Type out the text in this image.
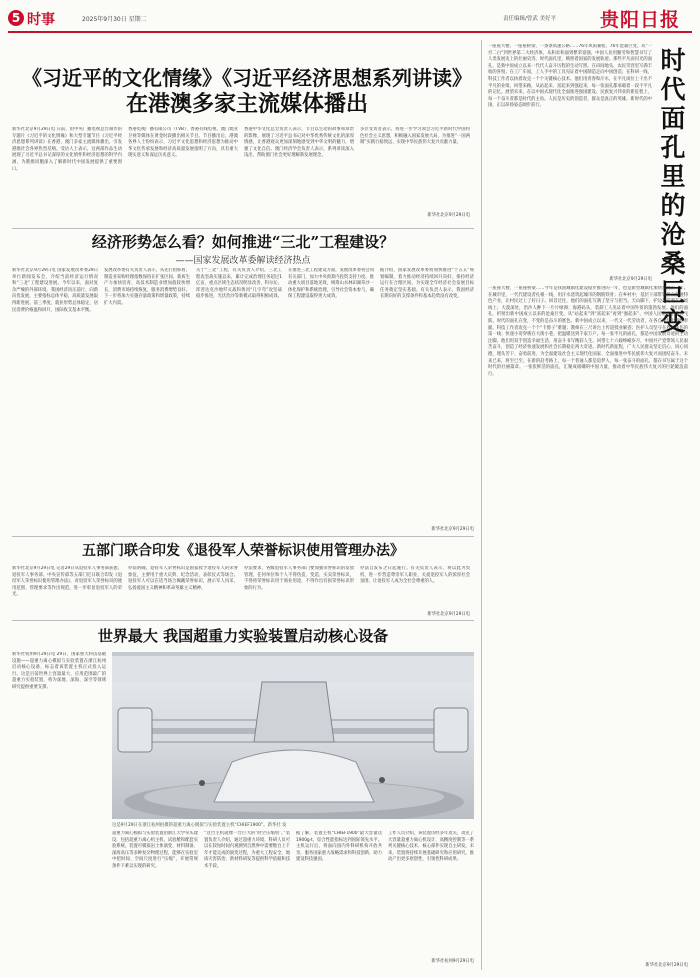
5 时事	2025年9月30日 星期二	责任编辑/曾武 美好平 贵阳日报
《习近平的文化情缘》《习近平经济思想系列讲读》
在港澳多家主流媒体播出
新华社北京9月29日电 日前，由中央广播电视总台制作的专题片《习近平的文化情缘》和大型专题节目《习近平经济思想系列讲读》在香港、澳门多家主流媒体播出，引发港澳社会各界热烈反响。受访人士表示，这两部作品生动展现了习近平总书记深厚的文化情怀和经济思想的科学内涵，为港澳同胞深入了解新时代中国发展提供了重要窗口。
香港电视广播有限公司（TVB）、香港有线电视、澳门澳亚卫视等媒体在黄金时段播出相关节目。节目播出后，港澳各界人士纷纷表示，习近平文化思想和经济思想为推动中华文化传承发展和经济高质量发展指明了方向，具有重大现实意义和深远历史意义。
香港中华文化总会负责人表示，节目以生动的故事和珍贵的影像，展现了习近平总书记对中华优秀传统文化的深厚情感，让香港观众更加深刻地感受到中华文明的魅力，增强了文化自信。澳门经济学会负责人表示，系列讲读深入浅出，帮助澳门社会更好理解新发展理念。
多位受访者表示，将进一步学习领会习近平新时代中国特色社会主义思想，积极融入国家发展大局，为推进“一国两制”实践行稳致远、实现中华民族伟大复兴贡献力量。
新华社北京9月29日电
经济形势怎么看？如何推进“三北”工程建设？
——国家发展改革委解读经济热点
新华社北京9月29日电 国家发展改革委29日举行新闻发布会，介绍当前经济运行情况和“三北”工程建设进展。今年以来，面对复杂严峻的外部环境，我国经济顶压前行、向新向优发展，主要指标总体平稳，高质量发展取得新进展。前三季度，就业形势总体稳定，居民消费价格温和回升，国际收支基本平衡。
发展改革委有关负责人表示，从先行指标看，制造业采购经理指数保持在扩张区间，新质生产力加快培育，高技术制造业增加值较快增长，消费市场持续恢复，服务消费增势良好。下一步将加力实施存量政策和增量政策，持续扩大内需。
关于“三北”工程，有关负责人介绍，三北工程攻坚战实施以来，累计完成治理任务超过1亿亩，重点区域生态状况明显改善，科尔沁、浑善达克沙地歼灭战和黄河“几字弯”攻坚战稳步推进，光伏治沙等新模式取得积极成效。
在推进三北工程建设方面，发展改革委将会同有关部门，加大中央预算内投资支持力度，推动重大项目落地见效，统筹山水林田湖草沙一体化保护和系统治理，引导社会资本参与，确保工程建设取得更大成效。
据介绍，国家发展改革委将加快推进“十五五”规划编制，着力推动经济持续回升向好，保持经济运行在合理区间，为实现全年经济社会发展目标任务奠定坚实基础。有关负责人表示，我国经济长期向好的支撑条件和基本趋势没有改变。
新华社北京9月29日电
五部门联合印发《退役军人荣誉标识使用管理办法》
新华社北京9月29日电 记者29日从退役军人事务部获悉，退役军人事务部、中央宣传部等五部门近日联合印发《退役军人荣誉标识使用管理办法》，对退役军人荣誉标识的使用范围、管理要求等作出规范，进一步彰显退役军人的荣光。
办法明确，退役军人荣誉标识是国家授予退役军人的荣誉象征，主要用于重大庆典、纪念活动、表彰仪式等场合。退役军人可以在适当场合佩戴荣誉标识，展示军人风采，弘扬爱国主义精神和革命英雄主义精神。
办法要求，各级退役军人事务部门要加强荣誉标识的发放管理，任何单位和个人不得伪造、变造、买卖荣誉标识，不得将荣誉标识用于商业用途，不得作出有损荣誉标识形象的行为。
办法自发布之日起施行。有关负责人表示，将以此为契机，进一步营造尊崇军人职业、关爱退役军人的浓厚社会氛围，让退役军人成为全社会尊重的人。
新华社北京9月29日电
世界最大 我国超重力实验装置启动核心设备
新华社杭州9月29日电 29日，国家重大科技基础设施——超重力离心模拟与实验装置在浙江杭州启动核心设备，标志着该装置主机正式投入运行。这是目前世界上容量最大、应用范围最广的超重力实验装置，将为深地、深海、深空等领域研究提供重要支撑。
这是9月29日在浙江杭州拍摄的超重力离心模拟与实验装置主机“CHIEF1900”。新华社 发
超重力离心模拟与实验装置由浙江大学牵头建设，包括超重力离心机主机、试验舱和配套实验系统。装置可模拟岩土体演变、材料制备、深海高压等多种复杂物理过程，能够在实验室中把时间、空间尺度进行“压缩”，开展常规条件下难以实现的研究。
“这台主机就像一台巨大的‘时空压缩机’。”装置负责人介绍，通过超重力环境，科研人员可以在较短时间内观测到自然界中需要数百上千年才能完成的演变过程，为重大工程安全、地质灾害防治、新材料研发等提供科学依据和技术手段。
据了解，装置主机“CHIEF1900”最大容量达1900g·t，综合性能指标达到国际领先水平。主机运行后，将面向国内外科研机构开放共享，服务国家重大战略需求和科技创新，助力建设科技强国。
工作人员介绍，该装置历经多年攻关，攻克了大容量超重力离心机设计、高精度控制等一系列关键核心技术，核心部件实现自主研发。未来，装置将持续开展基础研究和应用研究，推动产出更多原创性、引领性科研成果。
新华社杭州9月29日电
时代面孔里的沧桑巨变
一座座大楼、一座座桥梁、一条条高速公路……76年风雨兼程，76年沧桑巨变。从“一穷二白”到世界第二大经济体，从积贫积弱到繁荣富强，中国人民用勤劳和智慧书写了人类发展史上的壮丽史诗。时代面孔里，映照着国家的发展轨迹。那些平凡而闪光的面孔，是新中国成立以来一代代人奋斗历程的生动写照。在田间地头，农民笑容里写满丰收的喜悦；在工厂车间，工人手中的工具见证着中国制造走向中国创造；在科研一线，科技工作者以执着攻克一个个关键核心技术。他们用青春和汗水，在平凡岗位上干出不平凡的业绩。回望来路，从站起来、富起来到强起来，每一张面孔都承载着一段不平凡的记忆。展望未来，在以中国式现代化全面推进强国建设、民族复兴伟业的新征程上，每一个奋斗者都是时代的主角。人民是历史的创造者，群众是真正的英雄。新时代的中国，正以昂扬姿态阔步前行。
新华社北京9月29日电
一座座大楼、一座座桥梁……今年是我国城镇化建设稳步推进的一年，也是新型城镇化加快发展的一年。在城市里，一代代建设者扎根一线，用汗水浇筑起城市的钢筋铁骨；在乡村中，基层干部带领群众发展特色产业，让村民过上了好日子。回首过往，他们的面孔写满了坚守与担当。天山脚下，护边员巡逻在边境线上；大漠深处，治沙人种下一片片绿洲；海港码头，装卸工人见证着中国外贸的蓬勃发展。他们的面孔，折射出新中国成立以来的沧桑巨变。从“站起来”到“富起来”再到“强起来”，中国人民迎来了伟大飞跃。时代的面孔在变，不变的是奋斗的底色。新中国成立以来，一代又一代劳动者，在各自岗位上默默奉献。科技工作者攻克一个个“卡脖子”难题；教师在三尺讲台上传道授业解惑；医护人员坚守在救死扶伤的第一线；快递小哥穿梭在大街小巷，把温暖送到千家万户。每一张平凡的面孔，都是中国发展奇迹的生动注脚。他们用双手创造幸福生活，用奋斗书写精彩人生。回望七十六载峥嵘岁月，中国共产党带领人民艰苦奋斗，创造了经济快速发展和社会长期稳定两大奇迹。新时代新征程，广大人民群众坚定信心、同心同德，埋头苦干、奋勇前进，为全面建设社会主义现代化国家、全面推进中华民族伟大复兴而团结奋斗。未来已来，将至已至。在新的赶考路上，每一个普通人都是追梦人，每一张奋斗的面孔，都在书写属于这个时代的壮丽篇章。一张张鲜活的面孔，汇聚成磅礴的中国力量，推动着中华民族伟大复兴的巨轮破浪前行。
新华社北京9月29日电
